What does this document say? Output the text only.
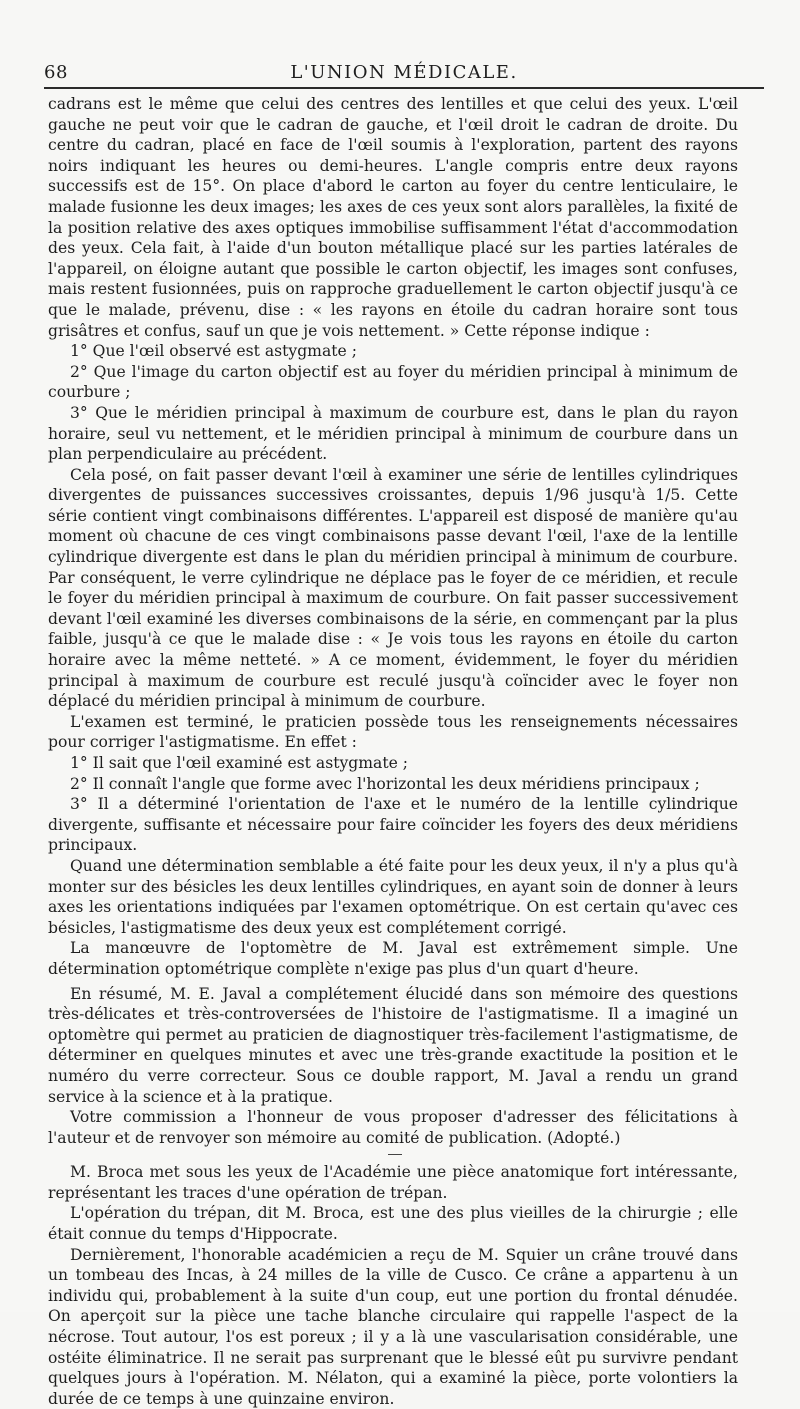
68	L'UNION MÉDICALE.

cadrans est le même que celui des centres des lentilles et que celui des yeux. L'œil gauche ne peut voir que le cadran de gauche, et l'œil droit le cadran de droite. Du centre du cadran, placé en face de l'œil soumis à l'exploration, partent des rayons noirs indiquant les heures ou demi-heures. L'angle compris entre deux rayons successifs est de 15°. On place d'abord le carton au foyer du centre lenticulaire, le malade fusionne les deux images; les axes de ces yeux sont alors parallèles, la fixité de la position relative des axes optiques immobilise suffisamment l'état d'accommodation des yeux. Cela fait, à l'aide d'un bouton métallique placé sur les parties latérales de l'appareil, on éloigne autant que possible le carton objectif, les images sont confuses, mais restent fusionnées, puis on rapproche graduellement le carton objectif jusqu'à ce que le malade, prévenu, dise : « les rayons en étoile du cadran horaire sont tous grisâtres et confus, sauf un que je vois nettement. » Cette réponse indique :

1° Que l'œil observé est astygmate ;

2° Que l'image du carton objectif est au foyer du méridien principal à minimum de courbure ;

3° Que le méridien principal à maximum de courbure est, dans le plan du rayon horaire, seul vu nettement, et le méridien principal à minimum de courbure dans un plan perpendiculaire au précédent.

Cela posé, on fait passer devant l'œil à examiner une série de lentilles cylindriques divergentes de puissances successives croissantes, depuis 1/96 jusqu'à 1/5. Cette série contient vingt combinaisons différentes. L'appareil est disposé de manière qu'au moment où chacune de ces vingt combinaisons passe devant l'œil, l'axe de la lentille cylindrique divergente est dans le plan du méridien principal à minimum de courbure. Par conséquent, le verre cylindrique ne déplace pas le foyer de ce méridien, et recule le foyer du méridien principal à maximum de courbure. On fait passer successivement devant l'œil examiné les diverses combinaisons de la série, en commençant par la plus faible, jusqu'à ce que le malade dise : « Je vois tous les rayons en étoile du carton horaire avec la même netteté. » A ce moment, évidemment, le foyer du méridien principal à maximum de courbure est reculé jusqu'à coïncider avec le foyer non déplacé du méridien principal à minimum de courbure.

L'examen est terminé, le praticien possède tous les renseignements nécessaires pour corriger l'astigmatisme. En effet :

1° Il sait que l'œil examiné est astygmate ;

2° Il connaît l'angle que forme avec l'horizontal les deux méridiens principaux ;

3° Il a déterminé l'orientation de l'axe et le numéro de la lentille cylindrique divergente, suffisante et nécessaire pour faire coïncider les foyers des deux méridiens principaux.

Quand une détermination semblable a été faite pour les deux yeux, il n'y a plus qu'à monter sur des bésicles les deux lentilles cylindriques, en ayant soin de donner à leurs axes les orientations indiquées par l'examen optométrique. On est certain qu'avec ces bésicles, l'astigmatisme des deux yeux est complétement corrigé.

La manœuvre de l'optomètre de M. Javal est extrêmement simple. Une détermination optométrique complète n'exige pas plus d'un quart d'heure.

En résumé, M. E. Javal a complétement élucidé dans son mémoire des questions très-délicates et très-controversées de l'histoire de l'astigmatisme. Il a imaginé un optomètre qui permet au praticien de diagnostiquer très-facilement l'astigmatisme, de déterminer en quelques minutes et avec une très-grande exactitude la position et le numéro du verre correcteur. Sous ce double rapport, M. Javal a rendu un grand service à la science et à la pratique.

Votre commission a l'honneur de vous proposer d'adresser des félicitations à l'auteur et de renvoyer son mémoire au comité de publication. (Adopté.)

M. Broca met sous les yeux de l'Académie une pièce anatomique fort intéressante, représentant les traces d'une opération de trépan.

L'opération du trépan, dit M. Broca, est une des plus vieilles de la chirurgie ; elle était connue du temps d'Hippocrate.

Dernièrement, l'honorable académicien a reçu de M. Squier un crâne trouvé dans un tombeau des Incas, à 24 milles de la ville de Cusco. Ce crâne a appartenu à un individu qui, probablement à la suite d'un coup, eut une portion du frontal dénudée. On aperçoit sur la pièce une tache blanche circulaire qui rappelle l'aspect de la nécrose. Tout autour, l'os est poreux ; il y a là une vascularisation considérable, une ostéite éliminatrice. Il ne serait pas surprenant que le blessé eût pu survivre pendant quelques jours à l'opération. M. Nélaton, qui a examiné la pièce, porte volontiers la durée de ce temps à une quinzaine environ.
